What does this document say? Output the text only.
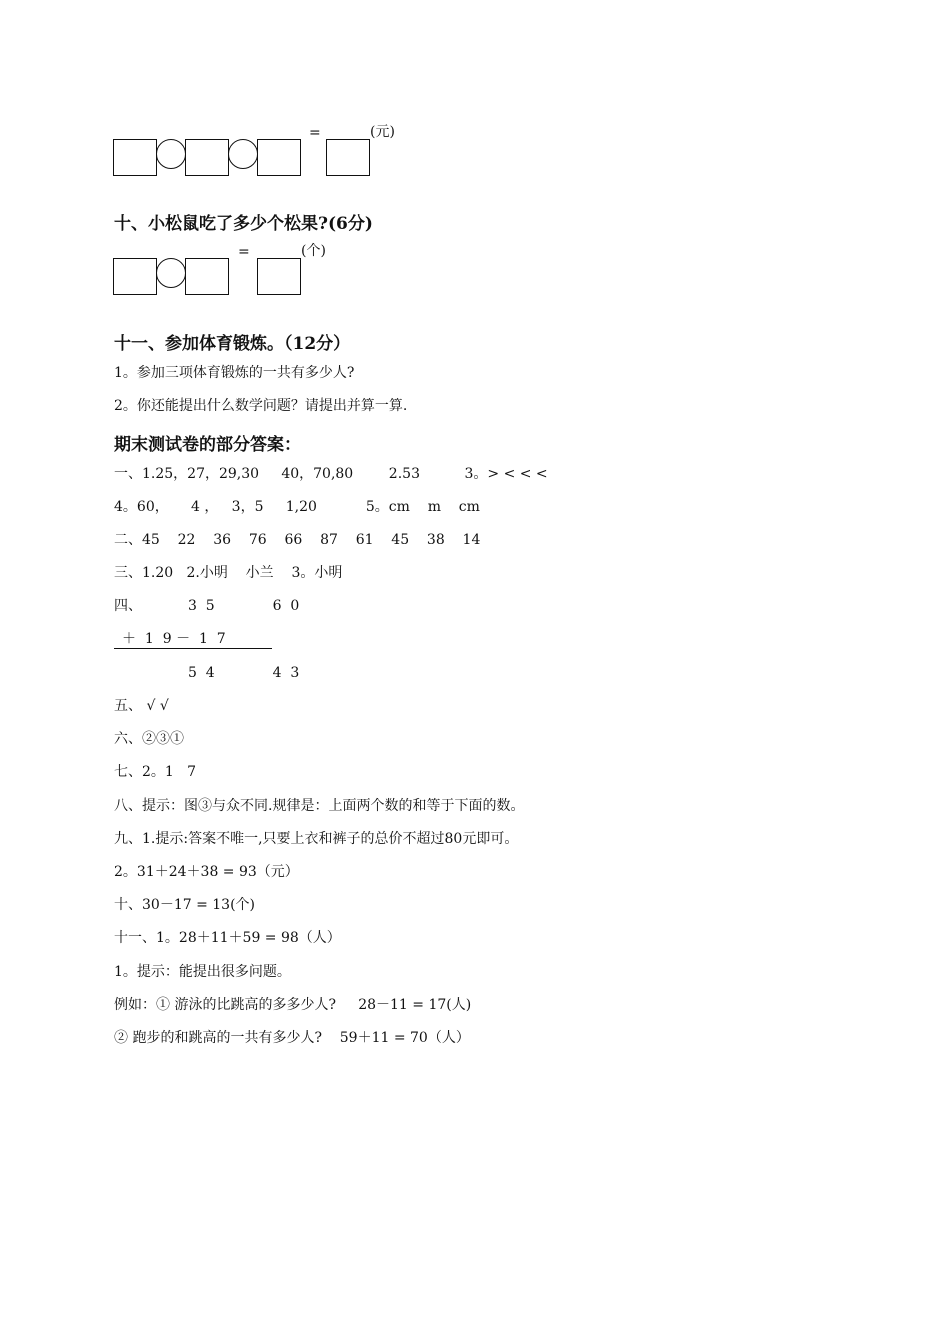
=	(元)
十、小松鼠吃了多少个松果?(6分)
=	(个)
十一、参加体育锻炼。（12分）
1。参加三项体育锻炼的一共有多少人?
2。你还能提出什么数学问题？请提出并算一算.
期末测试卷的部分答案：
一、1.25，27，29,30     40，70,80        2.53          3。> < < <
4。60，     4 ，   3，5     1,20           5。cm    m    cm
二、45    22    36    76    66    87    61    45    38    14
三、1.20   2.小明    小兰    3。小明
四、	3  5             6  0
＋  1  9 －  1  7
5  4             4  3
五、 √ √
六、②③①
七、2。1   7
八、提示：图③与众不同.规律是：上面两个数的和等于下面的数。
九、1.提示:答案不唯一,只要上衣和裤子的总价不超过80元即可。
2。31＋24＋38 = 93（元）
十、30－17 = 13(个)
十一、1。28＋11＋59 = 98（人）
1。提示：能提出很多问题。
例如：① 游泳的比跳高的多多少人?     28－11 = 17(人)
② 跑步的和跳高的一共有多少人?    59＋11 = 70（人）
